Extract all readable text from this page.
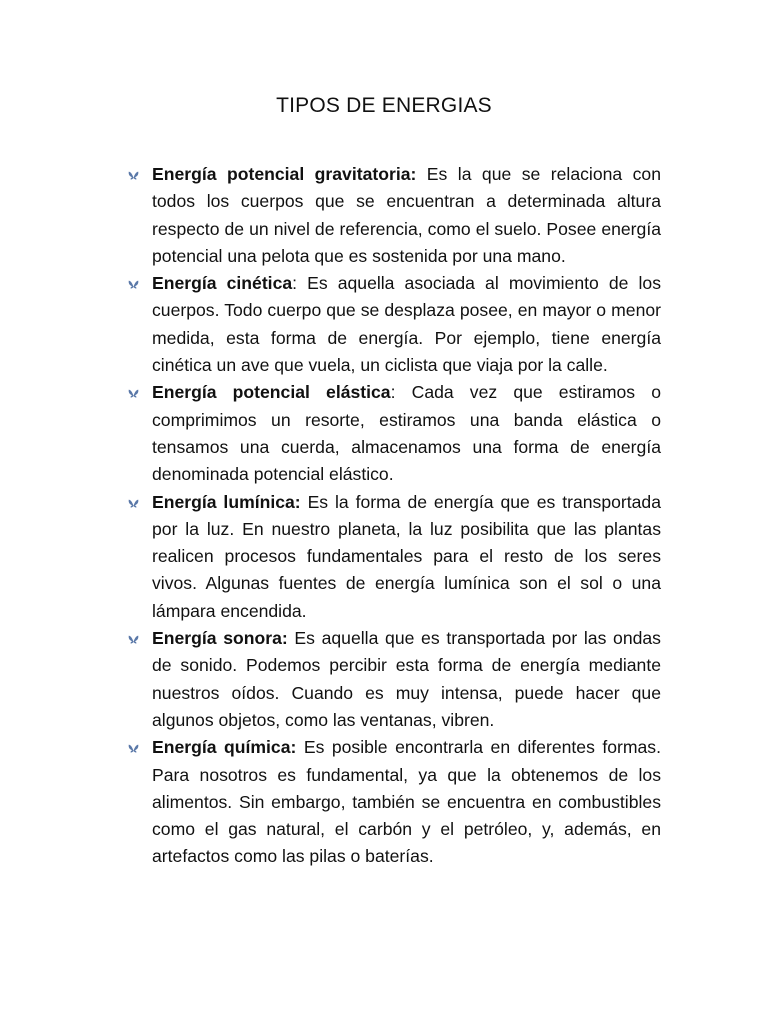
TIPOS DE ENERGIAS
Energía potencial gravitatoria: Es la que se relaciona con todos los cuerpos que se encuentran a determinada altura respecto de un nivel de referencia, como el suelo. Posee energía potencial una pelota que es sostenida por una mano.
Energía cinética: Es aquella asociada al movimiento de los cuerpos. Todo cuerpo que se desplaza posee, en mayor o menor medida, esta forma de energía. Por ejemplo, tiene energía cinética un ave que vuela, un ciclista que viaja por la calle.
Energía potencial elástica: Cada vez que estiramos o comprimimos un resorte, estiramos una banda elástica o tensamos una cuerda, almacenamos una forma de energía denominada potencial elástico.
Energía lumínica: Es la forma de energía que es transportada por la luz. En nuestro planeta, la luz posibilita que las plantas realicen procesos fundamentales para el resto de los seres vivos. Algunas fuentes de energía lumínica son el sol o una lámpara encendida.
Energía sonora: Es aquella que es transportada por las ondas de sonido. Podemos percibir esta forma de energía mediante nuestros oídos. Cuando es muy intensa, puede hacer que algunos objetos, como las ventanas, vibren.
Energía química: Es posible encontrarla en diferentes formas. Para nosotros es fundamental, ya que la obtenemos de los alimentos. Sin embargo, también se encuentra en combustibles como el gas natural, el carbón y el petróleo, y, además, en artefactos como las pilas o baterías.
